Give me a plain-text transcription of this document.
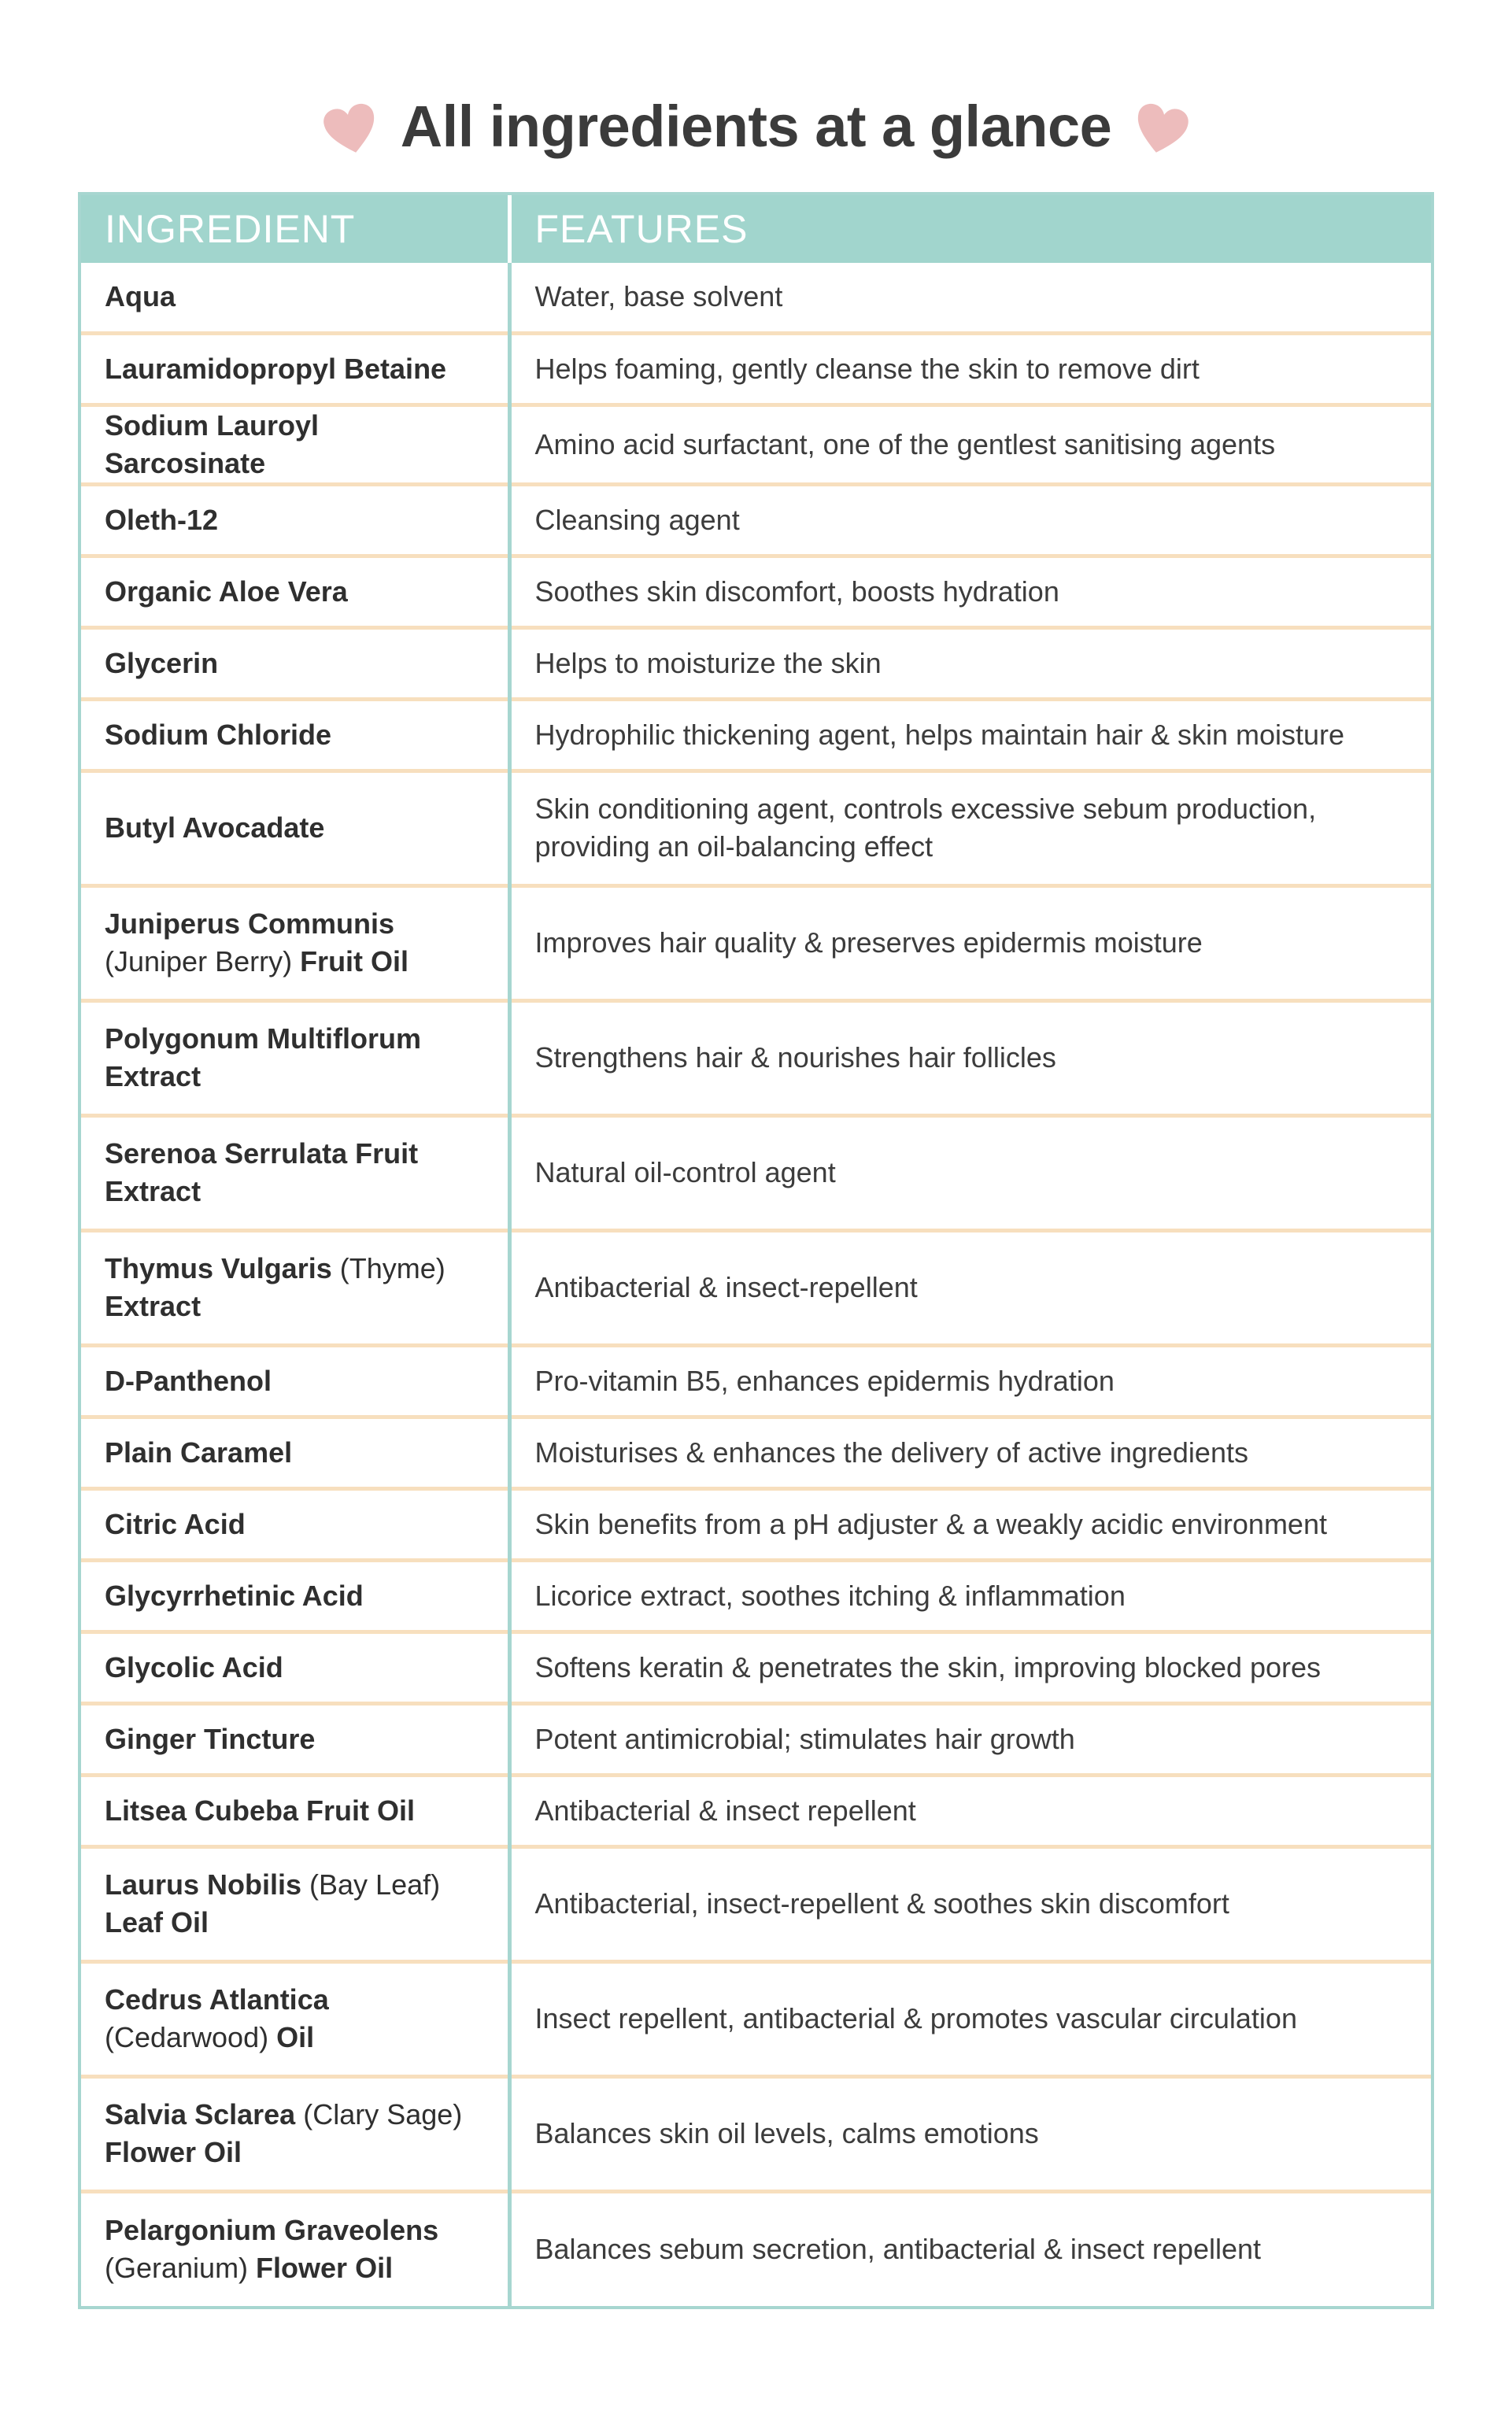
All ingredients at a glance
INGREDIENT	FEATURES
Aqua	Water, base solvent
Lauramidopropyl Betaine	Helps foaming, gently cleanse the skin to remove dirt
Sodium Lauroyl Sarcosinate	Amino acid surfactant, one of the gentlest sanitising agents
Oleth-12	Cleansing agent
Organic Aloe Vera	Soothes skin discomfort, boosts hydration
Glycerin	Helps to moisturize the skin
Sodium Chloride	Hydrophilic thickening agent, helps maintain hair & skin moisture
Butyl Avocadate	Skin conditioning agent, controls excessive sebum production, providing an oil-balancing effect
Juniperus Communis
(Juniper Berry) Fruit Oil	Improves hair quality & preserves epidermis moisture
Polygonum Multiflorum
Extract	Strengthens hair & nourishes hair follicles
Serenoa Serrulata Fruit
Extract	Natural oil-control agent
Thymus Vulgaris (Thyme)
Extract	Antibacterial & insect-repellent
D-Panthenol	Pro-vitamin B5, enhances epidermis hydration
Plain Caramel	Moisturises & enhances the delivery of active ingredients
Citric Acid	Skin benefits from a pH adjuster & a weakly acidic environment
Glycyrrhetinic Acid	Licorice extract, soothes itching & inflammation
Glycolic Acid	Softens keratin & penetrates the skin, improving blocked pores
Ginger Tincture	Potent antimicrobial; stimulates hair growth
Litsea Cubeba Fruit Oil	Antibacterial & insect repellent
Laurus Nobilis (Bay Leaf)
Leaf Oil	Antibacterial, insect-repellent & soothes skin discomfort
Cedrus Atlantica
(Cedarwood) Oil	Insect repellent, antibacterial & promotes vascular circulation
Salvia Sclarea (Clary Sage)
Flower Oil	Balances skin oil levels, calms emotions
Pelargonium Graveolens
(Geranium) Flower Oil	Balances sebum secretion, antibacterial & insect repellent
